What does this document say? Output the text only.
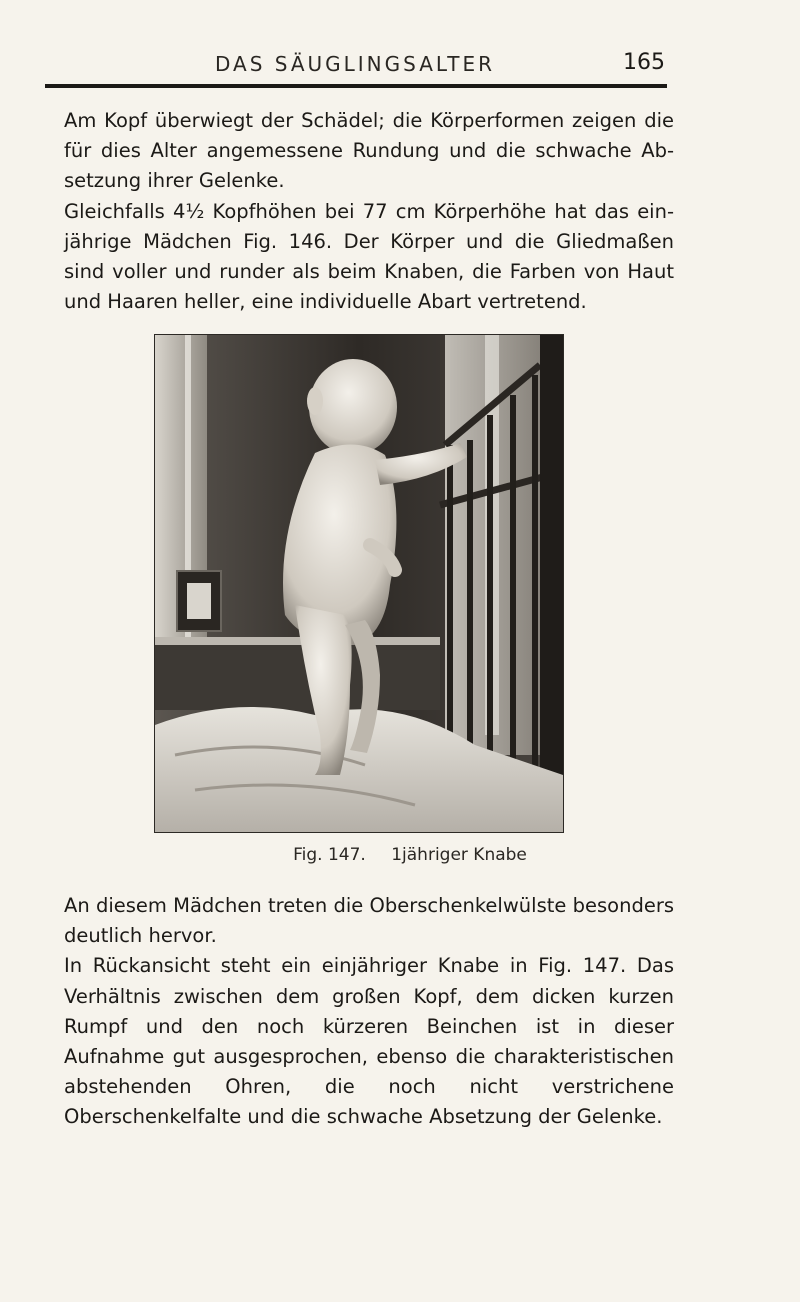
DAS SÄUGLINGSALTER	165

Am Kopf überwiegt der Schädel; die Körperformen zeigen die für dies Alter angemessene Rundung und die schwache Ab-setzung ihrer Gelenke.

Gleichfalls 4½ Kopfhöhen bei 77 cm Körperhöhe hat das ein-jährige Mädchen Fig. 146. Der Körper und die Gliedmaßen sind voller und runder als beim Knaben, die Farben von Haut und Haaren heller, eine individuelle Abart vertretend.

Fig. 147. 1jähriger Knabe

An diesem Mädchen treten die Oberschenkelwülste besonders deutlich hervor.

In Rückansicht steht ein einjähriger Knabe in Fig. 147. Das Verhältnis zwischen dem großen Kopf, dem dicken kurzen Rumpf und den noch kürzeren Beinchen ist in dieser Aufnahme gut ausgesprochen, ebenso die charakteristischen abstehenden Ohren, die noch nicht verstrichene Oberschenkelfalte und die schwache Absetzung der Gelenke.
